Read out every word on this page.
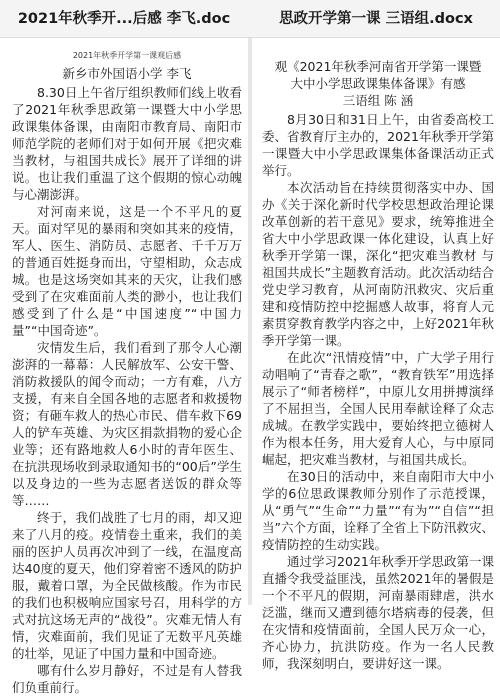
2021年秋季开...后感 李飞.doc	思政开学第一课 三语组.docx
2021年秋季开学第一课观后感
新乡市外国语小学 李飞

8.30日上午省厅组织教师们线上收看了2021年秋季思政第一课暨大中小学思政课集体备课，由南阳市教育局、南阳市师范学院的老师们对于如何开展《把灾难当教材，与祖国共成长》展开了详细的讲说。也让我们重温了这个假期的惊心动魄与心潮澎湃。

对河南来说，这是一个不平凡的夏天。面对罕见的暴雨和突如其来的疫情，军人、医生、消防员、志愿者、千千万万的普通百姓挺身而出，守望相助，众志成城。也是这场突如其来的天灾，让我们感受到了在灾难面前人类的渺小，也让我们感受到了什么是“中国速度”“中国力量”“中国奇迹”。

灾情发生后，我们看到了那令人心潮澎湃的一幕幕：人民解放军、公安干警、消防救援队的闻令而动；一方有难，八方支援，有来自全国各地的志愿者和救援物资；有砸车救人的热心市民、借车救下69人的铲车英雄、为灾区捐款捐物的爱心企业等；还有路地救人6小时的青年医生、在抗洪现场收到录取通知书的“00后”学生以及身边的一些为志愿者送饭的群众等等……

终于，我们战胜了七月的雨，却又迎来了八月的疫。疫情卷土重来，我们的美丽的医护人员再次冲到了一线，在温度高达40度的夏天，他们穿着密不透风的防护服，戴着口罩，为全民做核酸。作为市民的我们也积极响应国家号召，用科学的方式对抗这场无声的“战役”。灾难无情人有情，灾难面前，我们见证了无数平凡英雄的壮举，见证了中国力量和中国奇迹。

哪有什么岁月静好，不过是有人替我们负重前行。

观《2021年秋季河南省开学第一课暨
大中小学思政课集体备课》有感
三语组 陈 涵

8月30日和31日上午，由省委高校工委、省教育厅主办的，2021年秋季开学第一课暨大中小学思政课集体备课活动正式举行。

本次活动旨在持续贯彻落实中办、国办《关于深化新时代学校思想政治理论课改革创新的若干意见》要求，统筹推进全省大中小学思政课一体化建设，认真上好秋季开学第一课，深化“把灾难当教材 与祖国共成长”主题教育活动。此次活动结合党史学习教育，从河南防汛救灾、灾后重建和疫情防控中挖掘感人故事，将育人元素贯穿教育教学内容之中，上好2021年秋季开学第一课。

在此次“汛情疫情”中，广大学子用行动唱响了“青春之歌”，“教育铁军”用选择展示了“师者榜样”，中原儿女用拼搏演绎了不屈担当，全国人民用奉献诠释了众志成城。在教学实践中，要始终把立德树人作为根本任务，用大爱育人心，与中原同崛起，把灾难当教材，与祖国共成长。

在30日的活动中，来自南阳市大中小学的6位思政课教师分别作了示范授课，从“勇气”“生命”“力量”“有为”“自信”“担当”六个方面，诠释了全省上下防汛救灾、疫情防控的生动实践。

通过学习2021年秋季开学思政第一课直播令我受益匪浅，虽然2021年的暑假是一个不平凡的假期，河南暴雨肆虐，洪水泛滥，继而又遭到德尔塔病毒的侵袭，但在灾情和疫情面前，全国人民万众一心，齐心协力，抗洪防疫。作为一名人民教师，我深刻明白，要讲好这一课。
